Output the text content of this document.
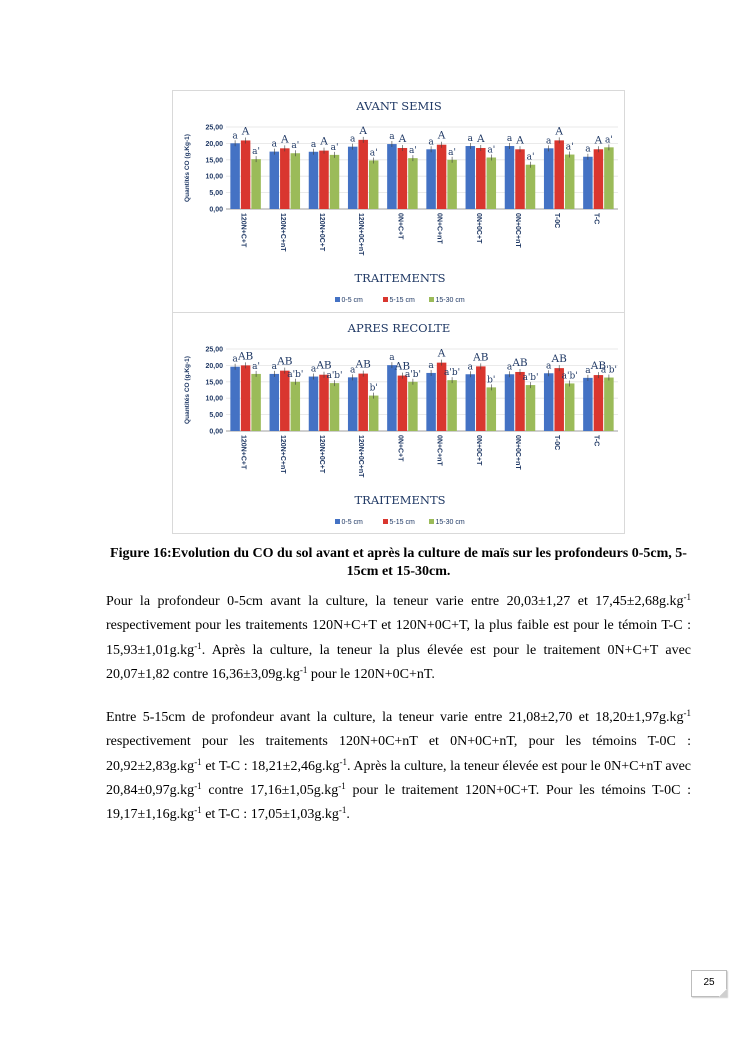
AVANT SEMIS
Quantités CO (g.Kg-1)
0,00
5,00
10,00
15,00
20,00
25,00
a A
a'
120N+C+T
a A
a'
120N+C+nT
a A
a'
120N+0C+T
a
A
a'
120N+0C+nT
a A
a'
0N+C+T
a
A
a'
0N+C+nT
a A
a'
0N+0C+T
a A
a'
0N+0C+nT
a
A
a'
T-0C
a
A a'
T-C
TRAITEMENTS
0-5 cm	5-15 cm	15-30 cm
APRES RECOLTE
Quantités CO (g.Kg-1)
0,00
5,00
10,00
15,00
20,00
25,00
a AB
a'
120N+C+T
a AB
a'b'
120N+C+nT
a AB
a'b'
120N+0C+T
a AB
b'
120N+0C+nT
a
AB
a'b'
0N+C+T
a
A
a'b'
0N+C+nT
a
AB
b'
0N+0C+T
a AB
a'b'
0N+0C+nT
a
AB
a'b'
T-0C
a AB
a'b'
T-C
TRAITEMENTS
0-5 cm	5-15 cm	15-30 cm
Figure 16:Evolution du CO du sol avant et après la culture de maïs sur les profondeurs 0-5cm, 5-15cm et 15-30cm.

Pour la profondeur 0-5cm avant la culture, la teneur varie entre 20,03±1,27 et $17,45\pm 2,68g.kg^{-1}$ respectivement pour les traitements 120N+C+T et 120N+0C+T, la plus faible est pour le témoin T-C : $15,93\pm 1,01g.kg^{-1}$. Après la culture, la teneur la plus élevée est pour le traitement 0N+C+T avec 20,07±1,82 contre $16,36\pm 3,09g.kg^{-1}$ pour le 120N+0C+nT.

Entre 5-15cm de profondeur avant la culture, la teneur varie entre 21,08±2,70 et $18,20\pm 1,97g.kg^{-1}$ respectivement pour les traitements 120N+0C+nT et 0N+0C+nT, pour les témoins T-0C : $20,92\pm 2,83g.kg^{-1}$ et T-C : $18,21\pm 2,46g.kg^{-1}$. Après la culture, la teneur élevée est pour le 0N+C+nT avec $20,84\pm 0,97g.kg^{-1}$ contre $17,16\pm 1,05g.kg^{-1}$ pour le traitement 120N+0C+T. Pour les témoins T-0C : $19,17\pm 1,16g.kg^{-1}$ et T-C : $17,05\pm 1,03g.kg^{-1}$.

25
